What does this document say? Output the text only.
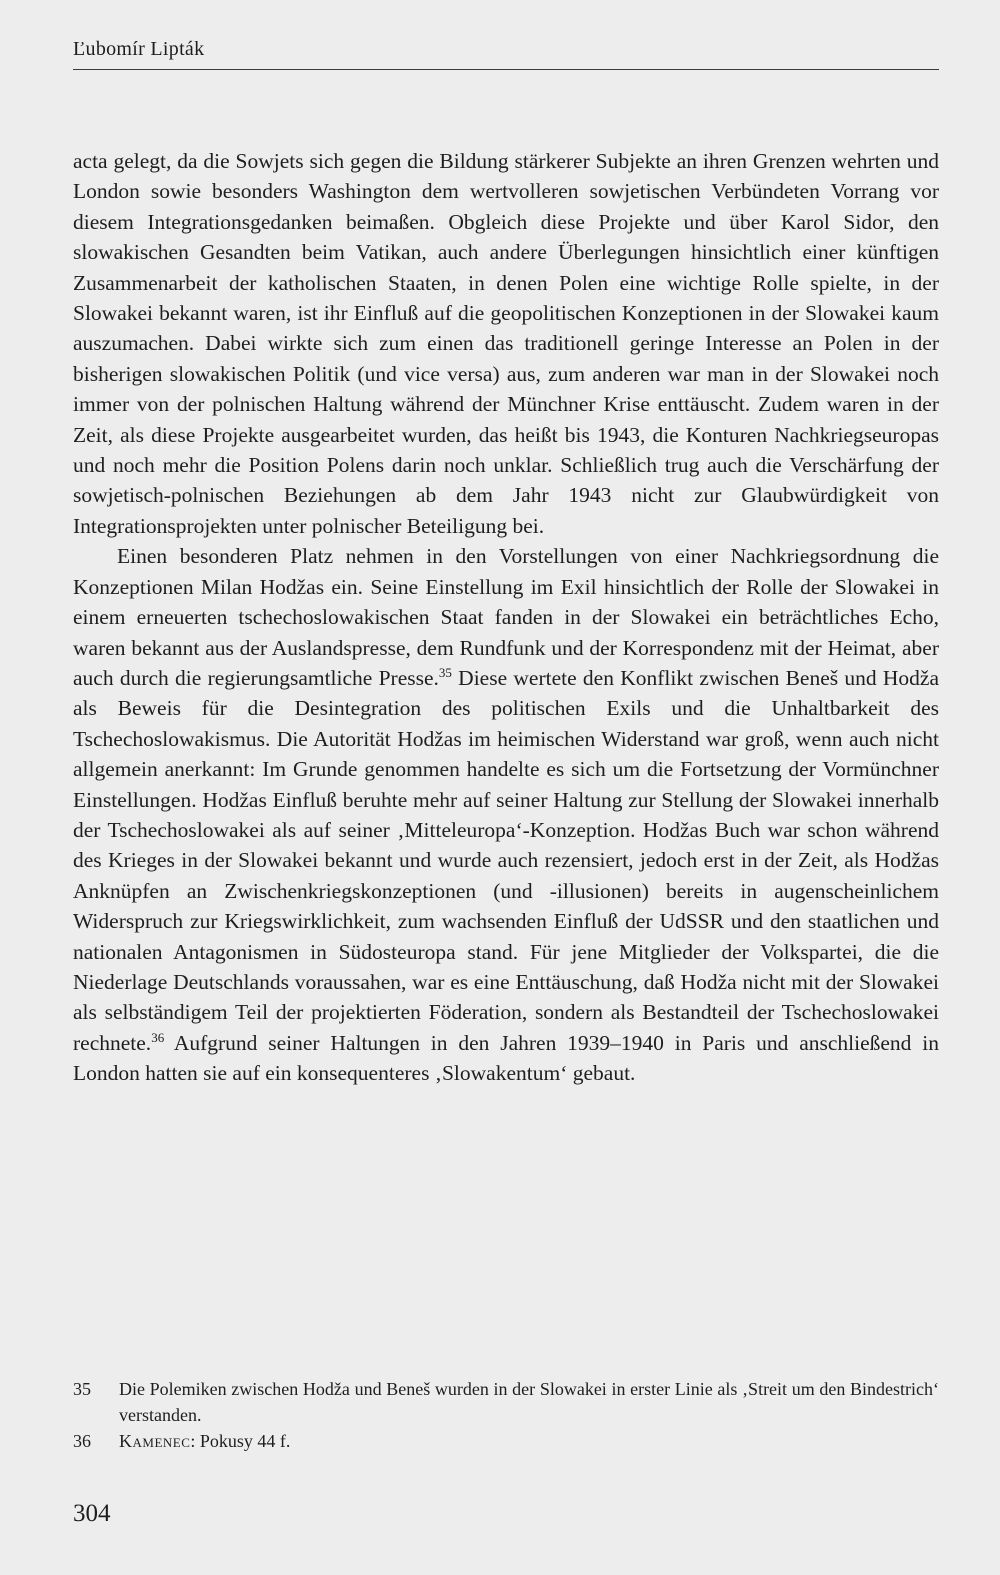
Ľubomír Lipták

acta gelegt, da die Sowjets sich gegen die Bildung stärkerer Subjekte an ihren Grenzen wehrten und London sowie besonders Washington dem wertvolleren sowjetischen Verbündeten Vorrang vor diesem Integrationsgedanken beimaßen. Obgleich diese Projekte und über Karol Sidor, den slowakischen Gesandten beim Vatikan, auch andere Überlegungen hinsichtlich einer künftigen Zusammenarbeit der katholischen Staaten, in denen Polen eine wichtige Rolle spielte, in der Slowakei bekannt waren, ist ihr Einfluß auf die geopolitischen Konzeptionen in der Slowakei kaum auszumachen. Dabei wirkte sich zum einen das traditionell geringe Interesse an Polen in der bisherigen slowakischen Politik (und vice versa) aus, zum anderen war man in der Slowakei noch immer von der polnischen Haltung während der Münchner Krise enttäuscht. Zudem waren in der Zeit, als diese Projekte ausgearbeitet wurden, das heißt bis 1943, die Konturen Nachkriegseuropas und noch mehr die Position Polens darin noch unklar. Schließlich trug auch die Verschärfung der sowjetisch-polnischen Beziehungen ab dem Jahr 1943 nicht zur Glaubwürdigkeit von Integrationsprojekten unter polnischer Beteiligung bei.

Einen besonderen Platz nehmen in den Vorstellungen von einer Nachkriegsordnung die Konzeptionen Milan Hodžas ein. Seine Einstellung im Exil hinsichtlich der Rolle der Slowakei in einem erneuerten tschechoslowakischen Staat fanden in der Slowakei ein beträchtliches Echo, waren bekannt aus der Auslandspresse, dem Rundfunk und der Korrespondenz mit der Heimat, aber auch durch die regierungsamtliche Presse.$^{35}$ Diese wertete den Konflikt zwischen Beneš und Hodža als Beweis für die Desintegration des politischen Exils und die Unhaltbarkeit des Tschechoslowakismus. Die Autorität Hodžas im heimischen Widerstand war groß, wenn auch nicht allgemein anerkannt: Im Grunde genommen handelte es sich um die Fortsetzung der Vormünchner Einstellungen. Hodžas Einfluß beruhte mehr auf seiner Haltung zur Stellung der Slowakei innerhalb der Tschechoslowakei als auf seiner ‚Mitteleuropa‘-Konzeption. Hodžas Buch war schon während des Krieges in der Slowakei bekannt und wurde auch rezensiert, jedoch erst in der Zeit, als Hodžas Anknüpfen an Zwischenkriegskonzeptionen (und -illusionen) bereits in augenscheinlichem Widerspruch zur Kriegswirklichkeit, zum wachsenden Einfluß der UdSSR und den staatlichen und nationalen Antagonismen in Südosteuropa stand. Für jene Mitglieder der Volkspartei, die die Niederlage Deutschlands voraussahen, war es eine Enttäuschung, daß Hodža nicht mit der Slowakei als selbständigem Teil der projektierten Föderation, sondern als Bestandteil der Tschechoslowakei rechnete.$^{36}$ Aufgrund seiner Haltungen in den Jahren 1939–1940 in Paris und anschließend in London hatten sie auf ein konsequenteres ‚Slowakentum‘ gebaut.

35	Die Polemiken zwischen Hodža und Beneš wurden in der Slowakei in erster Linie als ‚Streit um den Bindestrich‘ verstanden.
36	Kamenec: Pokusy 44 f.
304
